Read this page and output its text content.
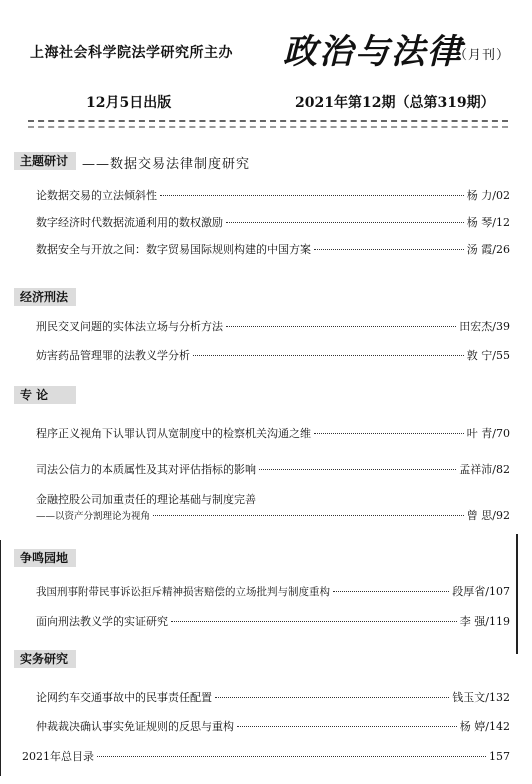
上海社会科学院法学研究所主办 政治与法律
（月刊）
12月5日出版	2021年第12期（总第319期）
主题研讨	——数据交易法律制度研究
论数据交易的立法倾斜性	杨 力 /02
数字经济时代数据流通利用的数权激励	杨 琴 /12
数据安全与开放之间：数字贸易国际规则构建的中国方案	汤 霞 /26
经济刑法
刑民交叉问题的实体法立场与分析方法	田宏杰 /39
妨害药品管理罪的法教义学分析	敦 宁 /55
专 论
程序正义视角下认罪认罚从宽制度中的检察机关沟通之维	叶 青 /70
司法公信力的本质属性及其对评估指标的影响	孟祥沛 /82
金融控股公司加重责任的理论基础与制度完善
——以资产分割理论为视角	曾 思 /92
争鸣园地
我国刑事附带民事诉讼拒斥精神损害赔偿的立场批判与制度重构	段厚省 /107
面向刑法教义学的实证研究	李 强 /119
实务研究
论网约车交通事故中的民事责任配置	钱玉文 /132
仲裁裁决确认事实免证规则的反思与重构	杨 婷 /142
2021年总目录	157
